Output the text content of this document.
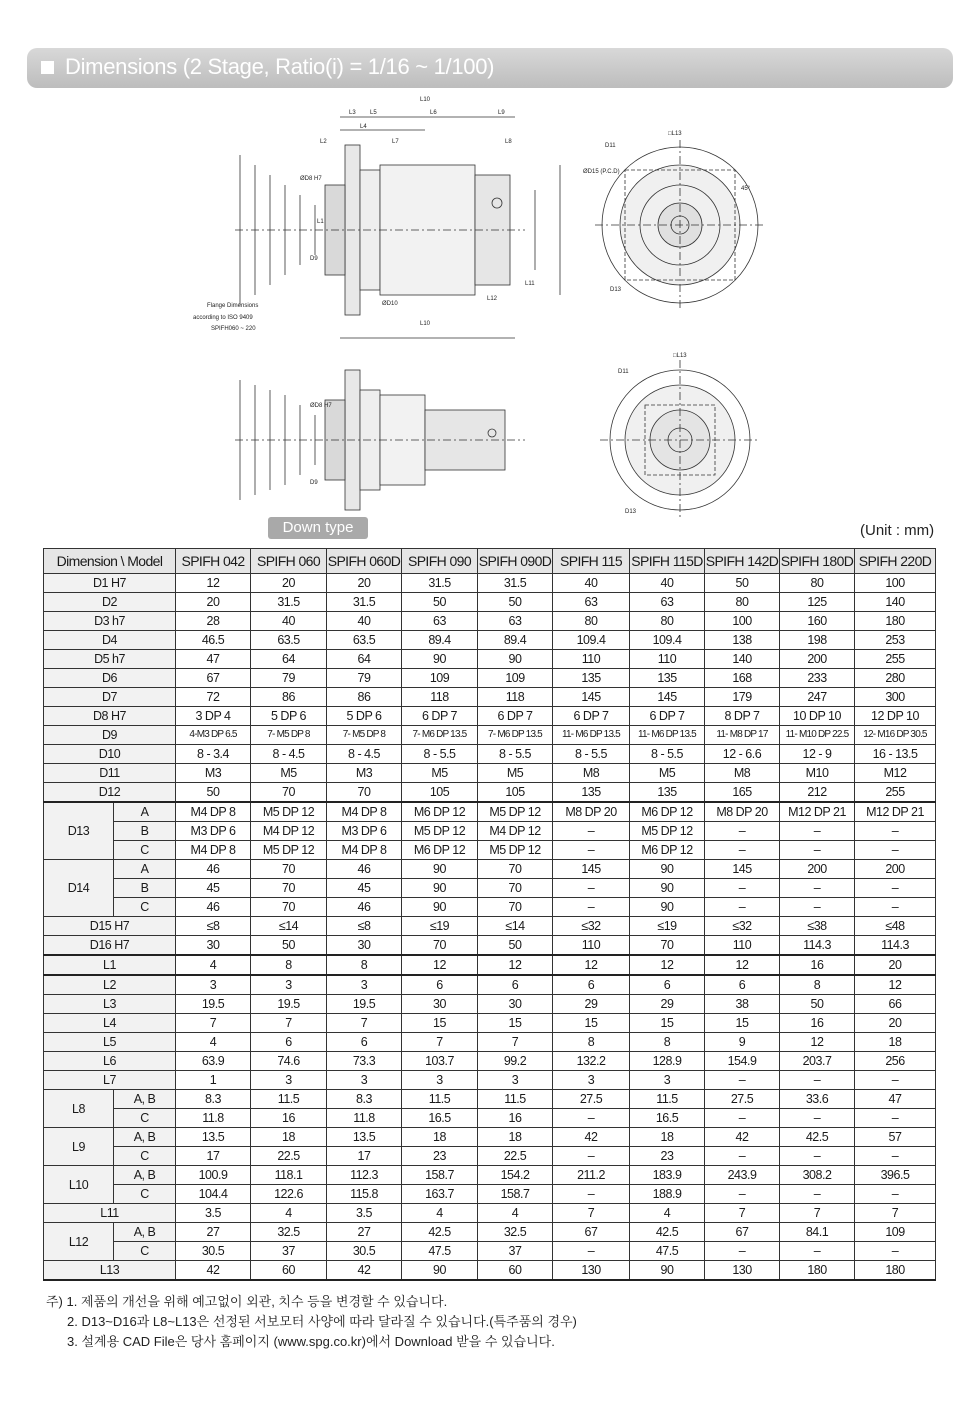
Dimensions (2 Stage, Ratio(i) = 1/16 ~ 1/100)
L10
L3 L5	L6	L9
L4
L2	L7	L8
ØD8 H7
L1
D9
L11
L12
ØD10
D11
□L13
ØD15 (P.C.D)
45°
D13
Flange Dimensions
according to ISO 9409
SPIFH060 ~ 220
L10
ØD8 H7
D9
D11
□L13
D13
Down type	(Unit : mm)
Dimension \ Model		SPIFH 042	SPIFH 060	SPIFH 060D	SPIFH 090	SPIFH 090D	SPIFH 115	SPIFH 115D	SPIFH 142D	SPIFH 180D	SPIFH 220D
D1 H7		12	20	20	31.5	31.5	40	40	50	80	100
D2		20	31.5	31.5	50	50	63	63	80	125	140
D3 h7		28	40	40	63	63	80	80	100	160	180
D4		46.5	63.5	63.5	89.4	89.4	109.4	109.4	138	198	253
D5 h7		47	64	64	90	90	110	110	140	200	255
D6		67	79	79	109	109	135	135	168	233	280
D7		72	86	86	118	118	145	145	179	247	300
D8 H7		3 DP 4	5 DP 6	5 DP 6	6 DP 7	6 DP 7	6 DP 7	6 DP 7	8 DP 7	10 DP 10	12 DP 10
D9		4-M3 DP 6.5	7- M5 DP 8	7- M5 DP 8	7- M6 DP 13.5	7- M6 DP 13.5	11- M6 DP 13.5	11- M6 DP 13.5	11- M8 DP 17	11- M10 DP 22.5	12- M16 DP 30.5
D10		8 - 3.4	8 - 4.5	8 - 4.5	8 - 5.5	8 - 5.5	8 - 5.5	8 - 5.5	12 - 6.6	12 - 9	16 - 13.5
D11		M3	M5	M3	M5	M5	M8	M5	M8	M10	M12
D12		50	70	70	105	105	135	135	165	212	255
D13	A	M4 DP 8	M5 DP 12	M4 DP 8	M6 DP 12	M5 DP 12	M8 DP 20	M6 DP 12	M8 DP 20	M12 DP 21	M12 DP 21
	B	M3 DP 6	M4 DP 12	M3 DP 6	M5 DP 12	M4 DP 12	–	M5 DP 12	–	–	–
	C	M4 DP 8	M5 DP 12	M4 DP 8	M6 DP 12	M5 DP 12	–	M6 DP 12	–	–	–
D14	A	46	70	46	90	70	145	90	145	200	200
	B	45	70	45	90	70	–	90	–	–	–
	C	46	70	46	90	70	–	90	–	–	–
D15 H7		≤8	≤14	≤8	≤19	≤14	≤32	≤19	≤32	≤38	≤48
D16 H7		30	50	30	70	50	110	70	110	114.3	114.3
L1		4	8	8	12	12	12	12	12	16	20
L2		3	3	3	6	6	6	6	6	8	12
L3		19.5	19.5	19.5	30	30	29	29	38	50	66
L4		7	7	7	15	15	15	15	15	16	20
L5		4	6	6	7	7	8	8	9	12	18
L6		63.9	74.6	73.3	103.7	99.2	132.2	128.9	154.9	203.7	256
L7		1	3	3	3	3	3	3	–	–	–
L8	A, B	8.3	11.5	8.3	11.5	11.5	27.5	11.5	27.5	33.6	47
	C	11.8	16	11.8	16.5	16	–	16.5	–	–	–
L9	A, B	13.5	18	13.5	18	18	42	18	42	42.5	57
	C	17	22.5	17	23	22.5	–	23	–	–	–
L10	A, B	100.9	118.1	112.3	158.7	154.2	211.2	183.9	243.9	308.2	396.5
	C	104.4	122.6	115.8	163.7	158.7	–	188.9	–	–	–
L11		3.5	4	3.5	4	4	7	4	7	7	7
L12	A, B	27	32.5	27	42.5	32.5	67	42.5	67	84.1	109
	C	30.5	37	30.5	47.5	37	–	47.5	–	–	–
L13		42	60	42	90	60	130	90	130	180	180
주) 1. 제품의 개선을 위해 예고없이 외관, 치수 등을 변경할 수 있습니다.
2. D13~D16과 L8~L13은 선정된 서보모터 사양에 따라 달라질 수 있습니다.(특주품의 경우)
3. 설계용 CAD File은 당사 홈페이지 (www.spg.co.kr)에서 Download 받을 수 있습니다.
